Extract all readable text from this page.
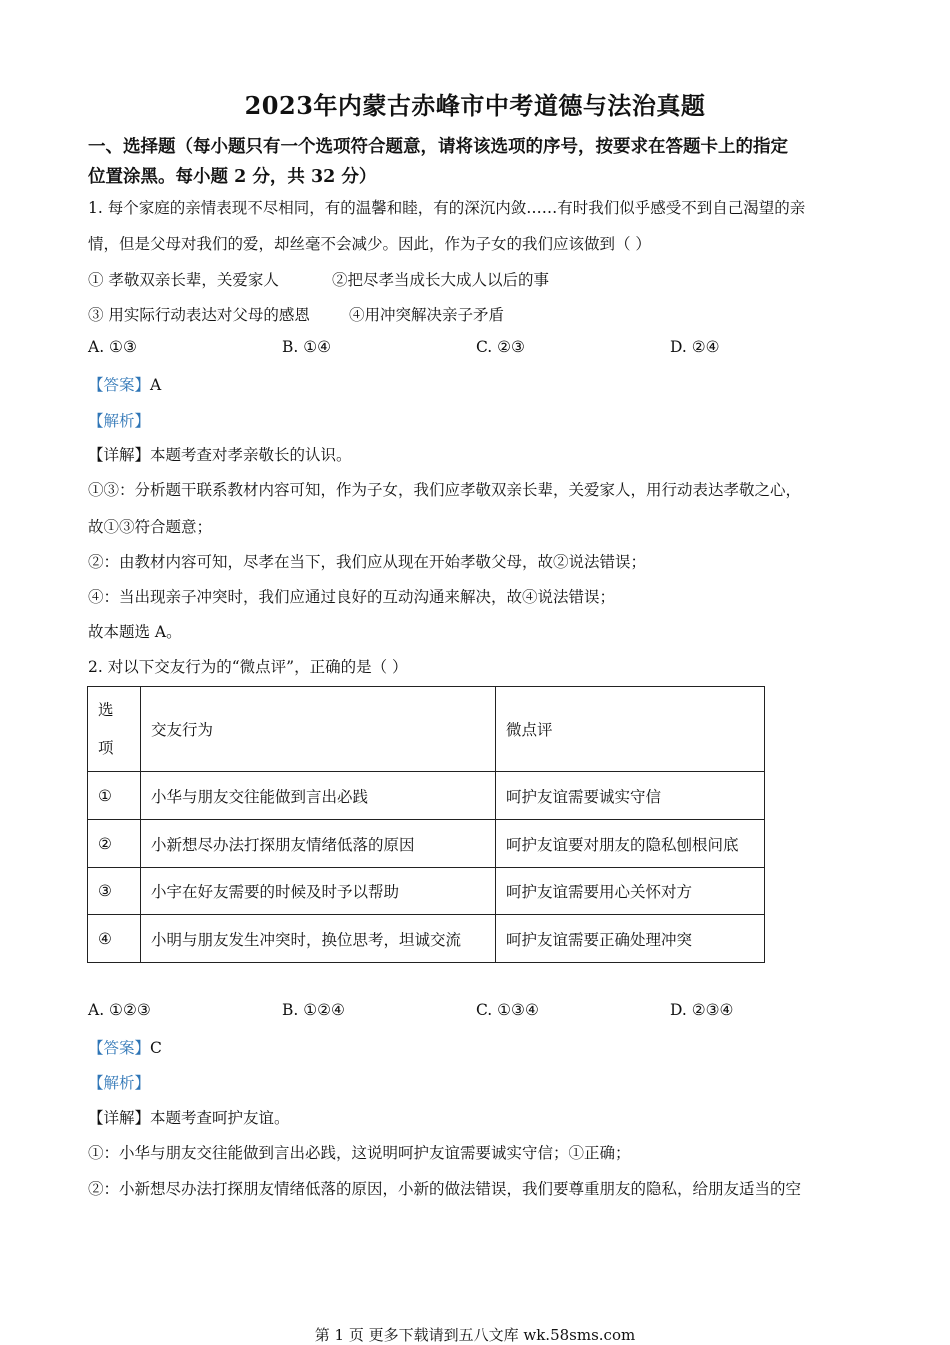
2023年内蒙古赤峰市中考道德与法治真题
一、选择题（每小题只有一个选项符合题意，请将该选项的序号，按要求在答题卡上的指定
位置涂黑。每小题 2 分，共 32 分）
1. 每个家庭的亲情表现不尽相同，有的温馨和睦，有的深沉内敛……有时我们似乎感受不到自己渴望的亲
情，但是父母对我们的爱，却丝毫不会减少。因此，作为子女的我们应该做到（ ）
① 孝敬双亲长辈，关爱家人	②把尽孝当成长大成人以后的事
③ 用实际行动表达对父母的感恩	④用冲突解决亲子矛盾
A. ①③	B. ①④	C. ②③	D. ②④
【答案】A
【解析】
【详解】本题考查对孝亲敬长的认识。
①③：分析题干联系教材内容可知，作为子女，我们应孝敬双亲长辈，关爱家人，用行动表达孝敬之心，
故①③符合题意；
②：由教材内容可知，尽孝在当下，我们应从现在开始孝敬父母，故②说法错误；
④：当出现亲子冲突时，我们应通过良好的互动沟通来解决，故④说法错误；
故本题选 A。
2. 对以下交友行为的“微点评”，正确的是（ ）
选
项	交友行为	微点评
①	小华与朋友交往能做到言出必践	呵护友谊需要诚实守信
②	小新想尽办法打探朋友情绪低落的原因	呵护友谊要对朋友的隐私刨根问底
③	小宇在好友需要的时候及时予以帮助	呵护友谊需要用心关怀对方
④	小明与朋友发生冲突时，换位思考，坦诚交流	呵护友谊需要正确处理冲突
A. ①②③	B. ①②④	C. ①③④	D. ②③④
【答案】C
【解析】
【详解】本题考查呵护友谊。
①：小华与朋友交往能做到言出必践，这说明呵护友谊需要诚实守信；①正确；
②：小新想尽办法打探朋友情绪低落的原因，小新的做法错误，我们要尊重朋友的隐私，给朋友适当的空
第 1 页 更多下载请到五八文库 wk.58sms.com
